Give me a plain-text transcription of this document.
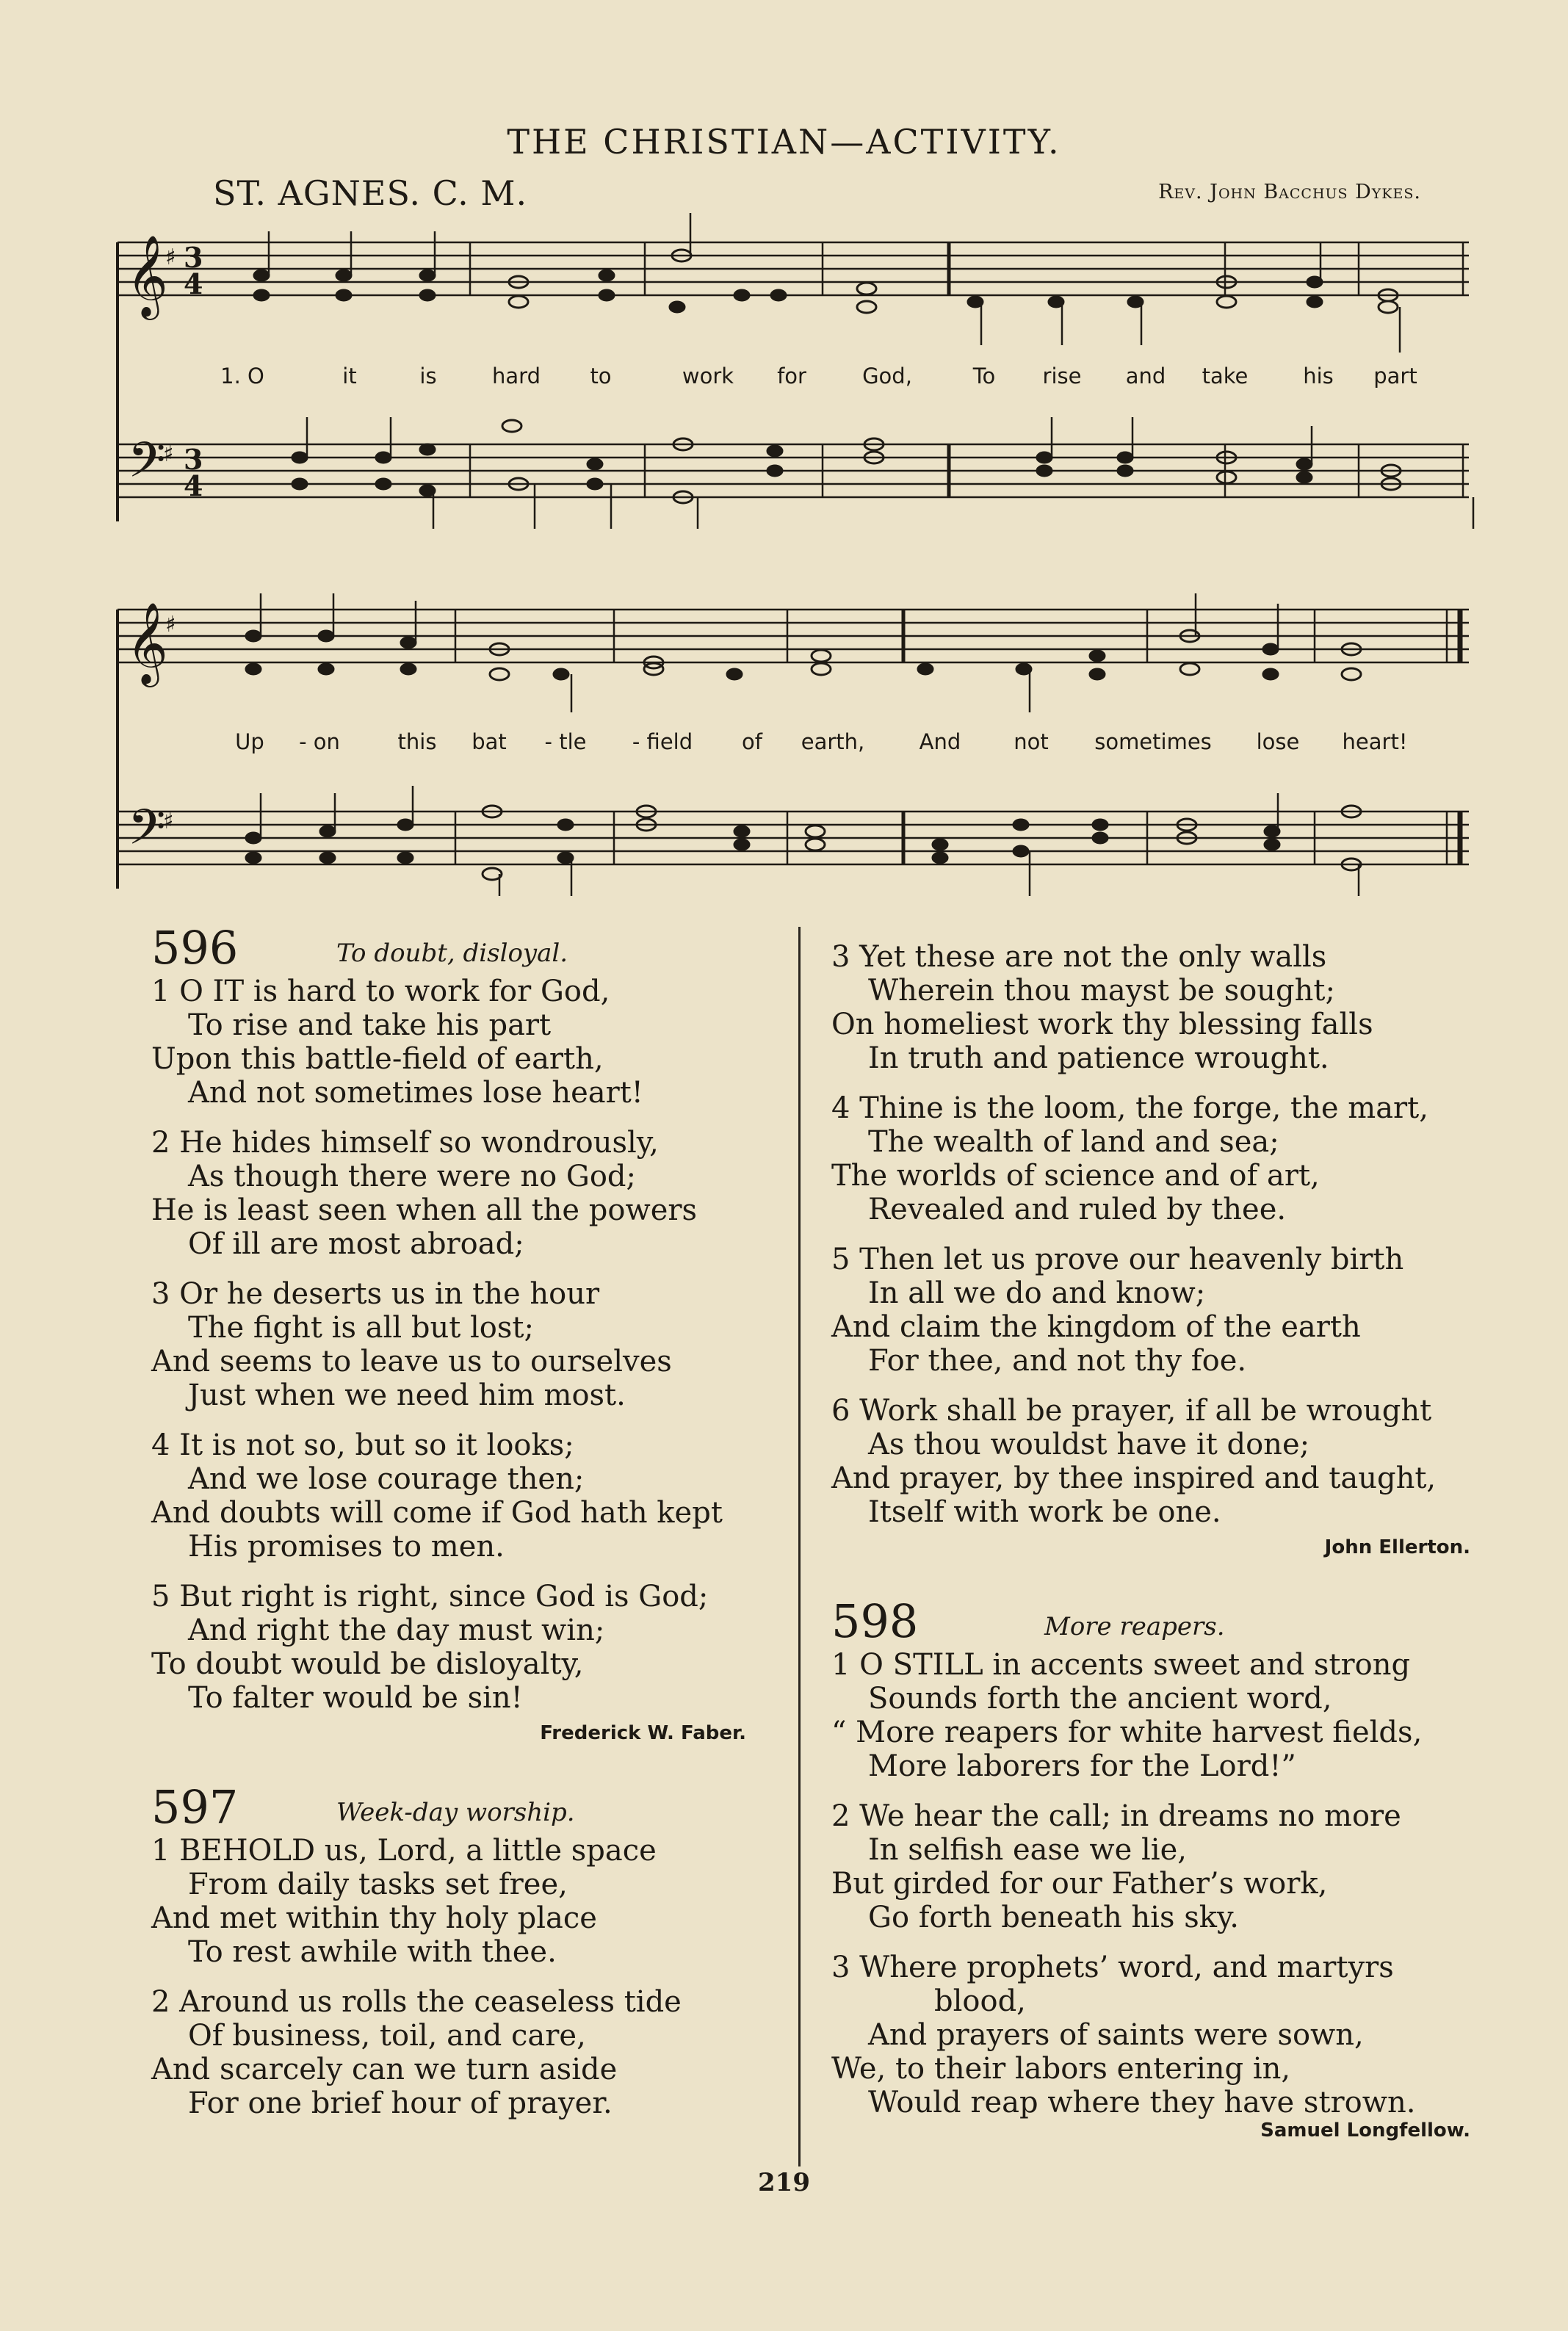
THE CHRISTIAN—ACTIVITY.
ST. AGNES. C. M.	Rev. John Bacchus Dykes.
𝄞
𝄢
♯
♯
3
4
3
4
1. O	it	is	hard to	work for	God,	To rise and take	his part
𝄞
𝄢
♯
♯
Up - on	this bat - tle - field of earth,	And not sometimes lose heart!
596	To doubt, disloyal.
1 O IT is hard to work for God,
To rise and take his part
Upon this battle-field of earth,
And not sometimes lose heart!
2 He hides himself so wondrously,
As though there were no God;
He is least seen when all the powers
Of ill are most abroad;
3 Or he deserts us in the hour
The fight is all but lost;
And seems to leave us to ourselves
Just when we need him most.
4 It is not so, but so it looks;
And we lose courage then;
And doubts will come if God hath kept
His promises to men.
5 But right is right, since God is God;
And right the day must win;
To doubt would be disloyalty,
To falter would be sin!
Frederick W. Faber.
597	Week-day worship.
1 BEHOLD us, Lord, a little space
From daily tasks set free,
And met within thy holy place
To rest awhile with thee.
2 Around us rolls the ceaseless tide
Of business, toil, and care,
And scarcely can we turn aside
For one brief hour of prayer.
3 Yet these are not the only walls
Wherein thou mayst be sought;
On homeliest work thy blessing falls
In truth and patience wrought.
4 Thine is the loom, the forge, the mart,
The wealth of land and sea;
The worlds of science and of art,
Revealed and ruled by thee.
5 Then let us prove our heavenly birth
In all we do and know;
And claim the kingdom of the earth
For thee, and not thy foe.
6 Work shall be prayer, if all be wrought
As thou wouldst have it done;
And prayer, by thee inspired and taught,
Itself with work be one.
John Ellerton.
598	More reapers.
1 O STILL in accents sweet and strong
Sounds forth the ancient word,
“ More reapers for white harvest fields,
More laborers for the Lord!”
2 We hear the call; in dreams no more
In selfish ease we lie,
But girded for our Father’s work,
Go forth beneath his sky.
3 Where prophets’ word, and martyrs
blood,
And prayers of saints were sown,
We, to their labors entering in,
Would reap where they have strown.
Samuel Longfellow.
219
